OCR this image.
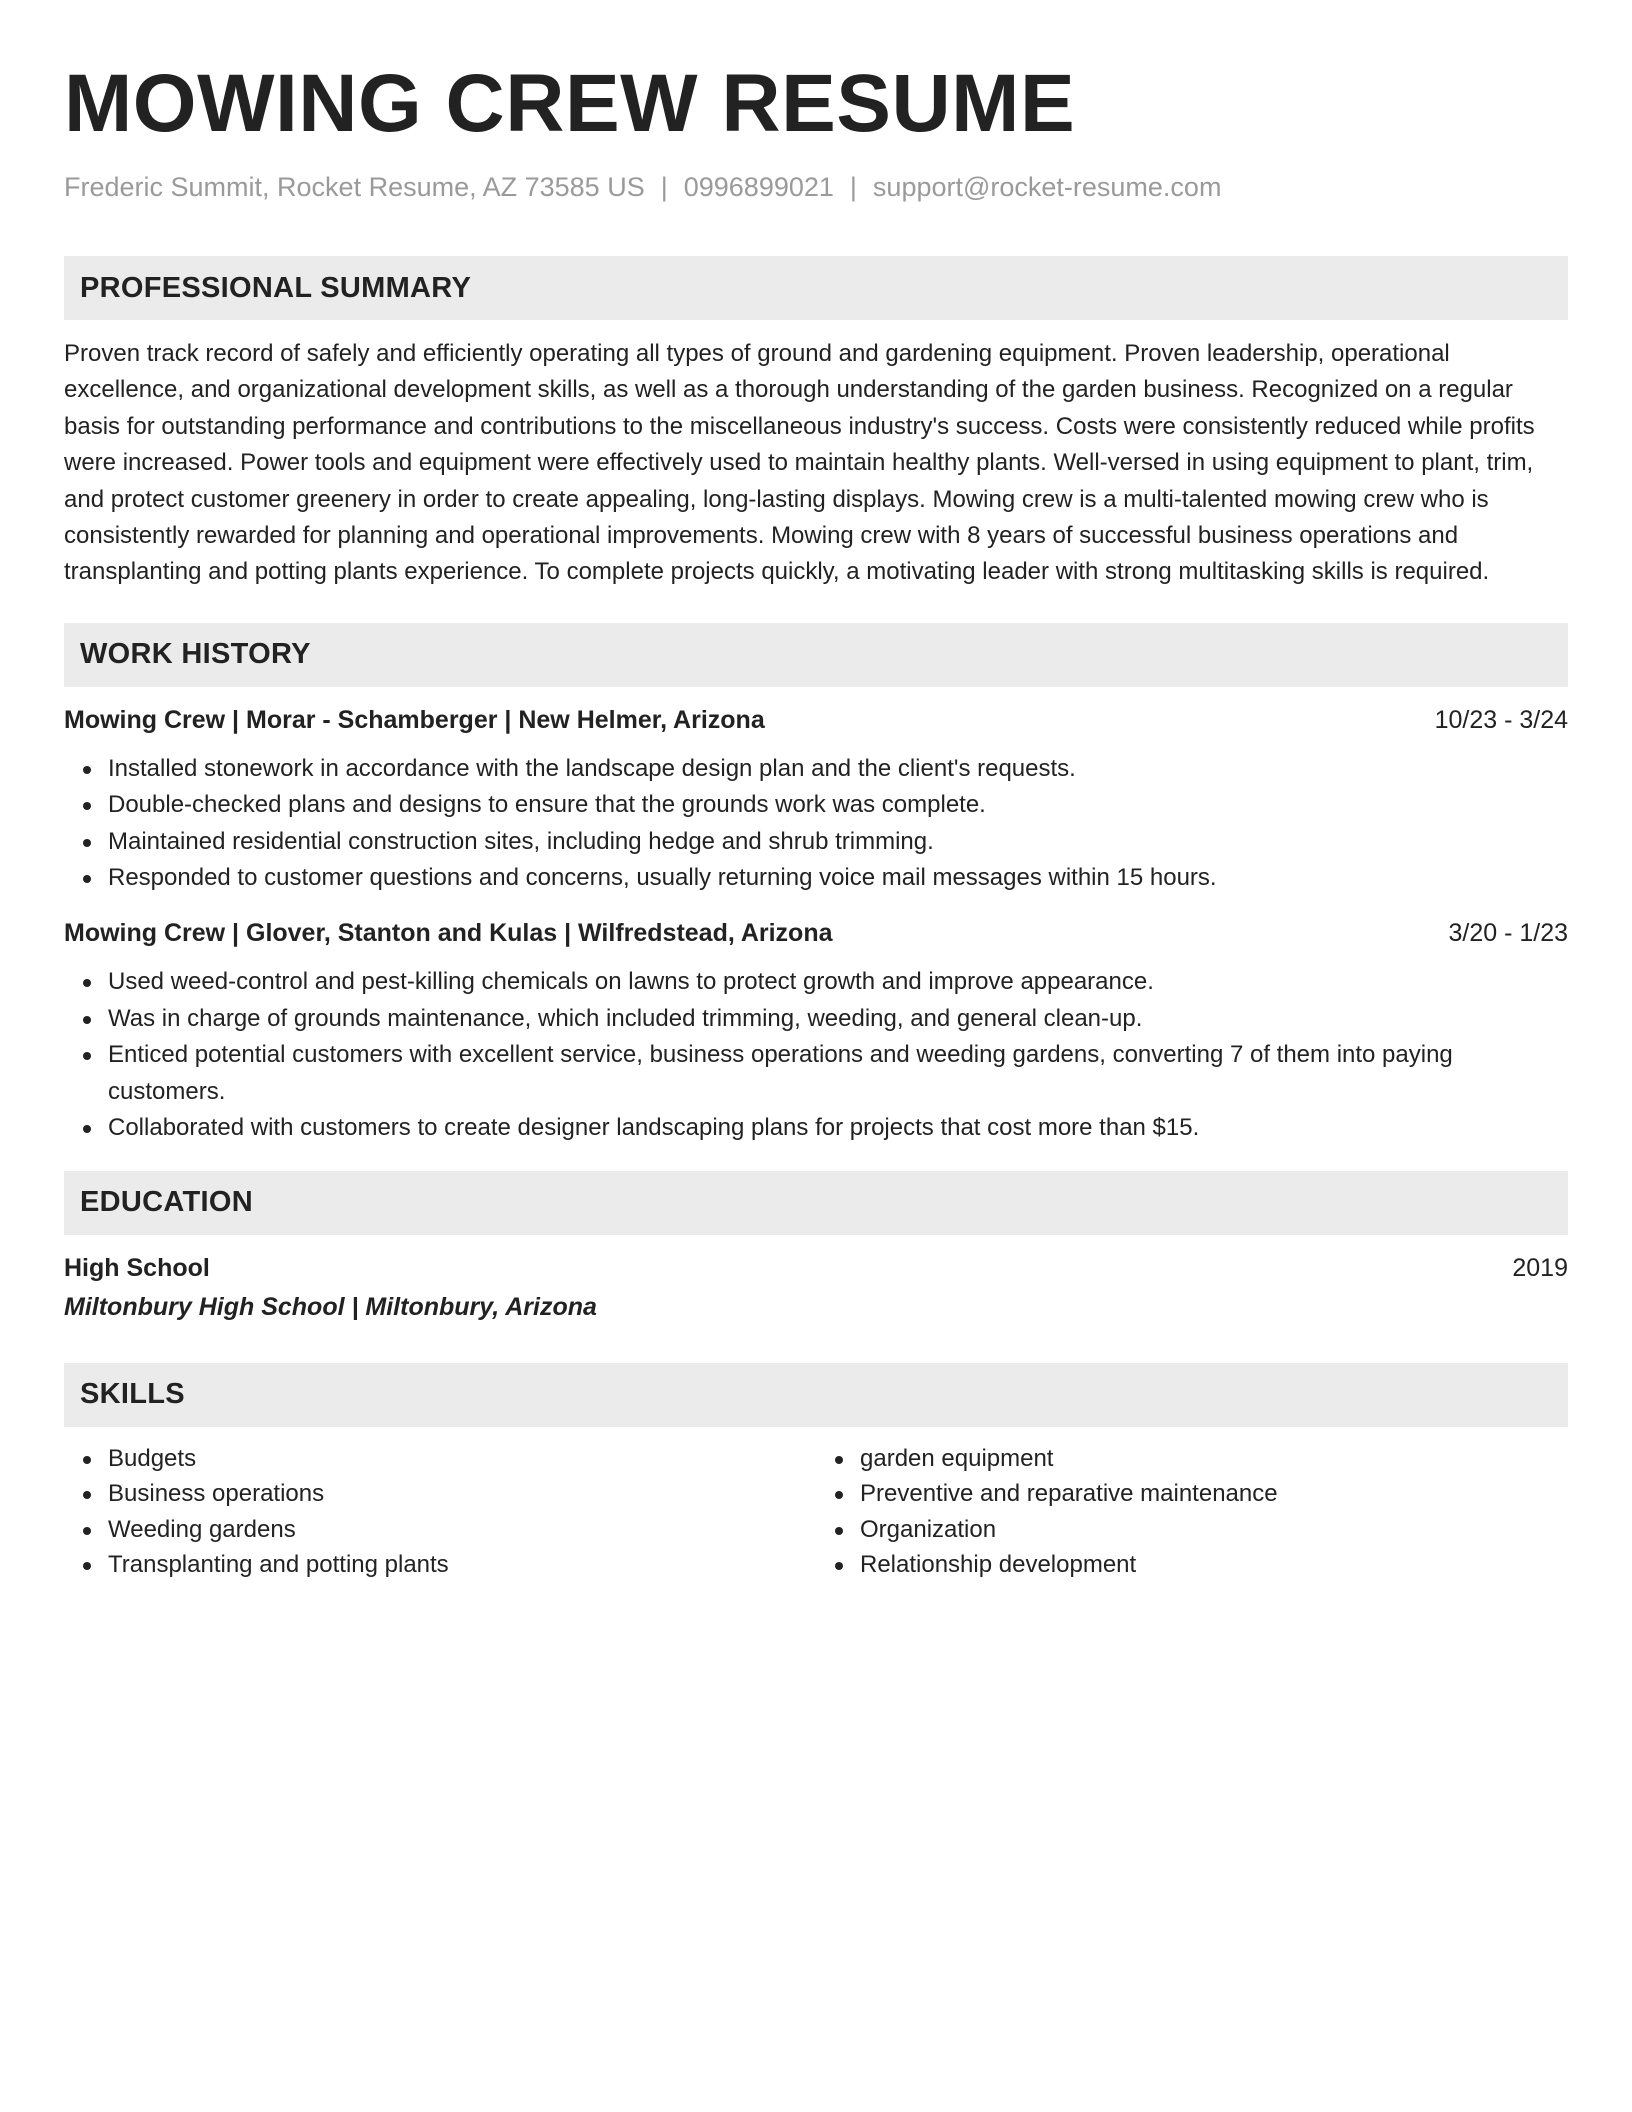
MOWING CREW RESUME
Frederic Summit, Rocket Resume, AZ 73585 US | 0996899021 | support@rocket-resume.com
PROFESSIONAL SUMMARY
Proven track record of safely and efficiently operating all types of ground and gardening equipment. Proven leadership, operational excellence, and organizational development skills, as well as a thorough understanding of the garden business. Recognized on a regular basis for outstanding performance and contributions to the miscellaneous industry's success. Costs were consistently reduced while profits were increased. Power tools and equipment were effectively used to maintain healthy plants. Well-versed in using equipment to plant, trim, and protect customer greenery in order to create appealing, long-lasting displays. Mowing crew is a multi-talented mowing crew who is consistently rewarded for planning and operational improvements. Mowing crew with 8 years of successful business operations and transplanting and potting plants experience. To complete projects quickly, a motivating leader with strong multitasking skills is required.
WORK HISTORY
Mowing Crew | Morar - Schamberger | New Helmer, Arizona	10/23 - 3/24
Installed stonework in accordance with the landscape design plan and the client's requests.
Double-checked plans and designs to ensure that the grounds work was complete.
Maintained residential construction sites, including hedge and shrub trimming.
Responded to customer questions and concerns, usually returning voice mail messages within 15 hours.
Mowing Crew | Glover, Stanton and Kulas | Wilfredstead, Arizona	3/20 - 1/23
Used weed-control and pest-killing chemicals on lawns to protect growth and improve appearance.
Was in charge of grounds maintenance, which included trimming, weeding, and general clean-up.
Enticed potential customers with excellent service, business operations and weeding gardens, converting 7 of them into paying customers.
Collaborated with customers to create designer landscaping plans for projects that cost more than $15.
EDUCATION
High School	2019
Miltonbury High School | Miltonbury, Arizona
SKILLS
Budgets
Business operations
Weeding gardens
Transplanting and potting plants
garden equipment
Preventive and reparative maintenance
Organization
Relationship development
